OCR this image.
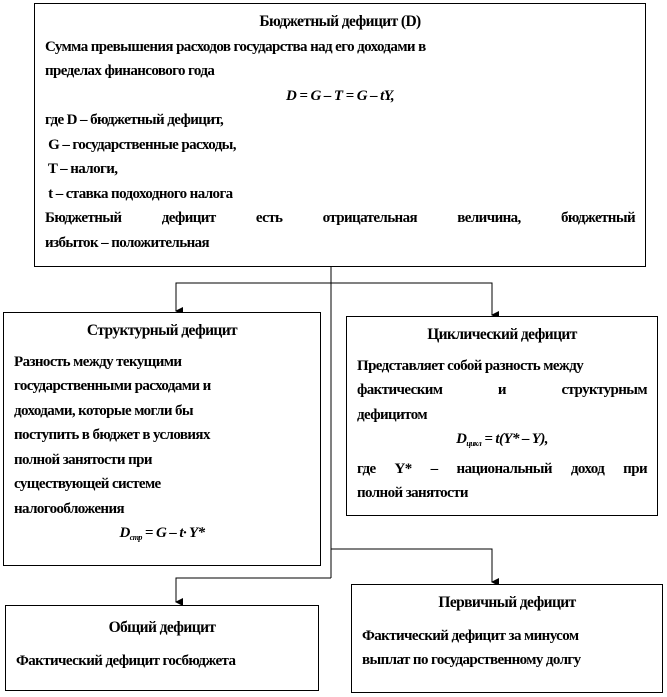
Бюджетный дефицит (D)
Сумма превышения расходов государства над его доходами в
пределах финансового года
D = G – T = G – tY,
где D – бюджетный дефицит,
G – государственные расходы,
T – налоги,
t – ставка подоходного налога
Бюджетный дефицит есть отрицательная величина, бюджетный
избыток – положительная
Структурный дефицит
Разность между текущими
государственными расходами и
доходами, которые могли бы
поступить в бюджет в условиях
полной занятости при
существующей системе
налогообложения
$D_{стр} = G - t\cdot Y*$
Циклический дефицит
Представляет собой разность между
фактическим и структурным
дефицитом
$D_{цикл} = t(Y* - Y)$,
где Y* – национальный доход при
полной занятости
Общий дефицит
Фактический дефицит госбюджета
Первичный дефицит
Фактический дефицит за минусом
выплат по государственному долгу
